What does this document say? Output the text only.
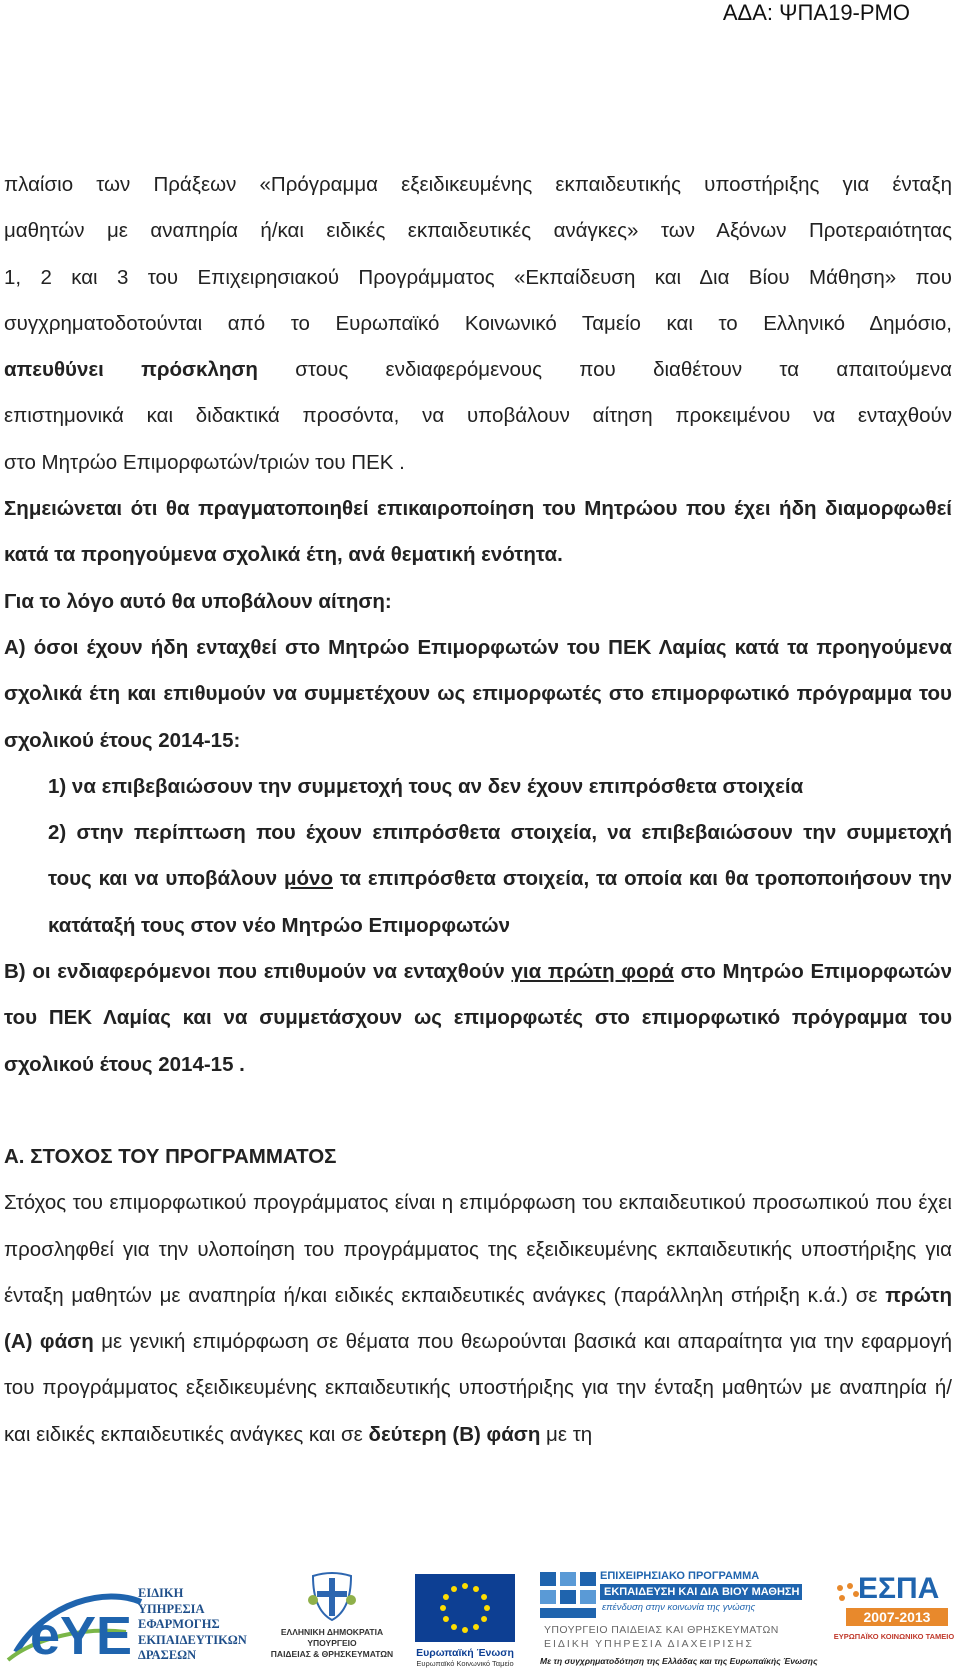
ΑΔΑ: ΨΠΑ19-ΡΜΟ

πλαίσιο των Πράξεων «Πρόγραμμα εξειδικευμένης εκπαιδευτικής υποστήριξης για ένταξη

μαθητών με αναπηρία ή/και ειδικές εκπαιδευτικές ανάγκες» των Αξόνων Προτεραιότητας

1, 2 και 3 του Επιχειρησιακού Προγράμματος «Εκπαίδευση και Δια Βίου Μάθηση» που

συγχρηματοδοτούνται από το Ευρωπαϊκό Κοινωνικό Ταμείο και το Ελληνικό Δημόσιο,

απευθύνει πρόσκληση στους ενδιαφερόμενους που διαθέτουν τα απαιτούμενα

επιστημονικά και διδακτικά προσόντα, να υποβάλουν αίτηση προκειμένου να ενταχθούν

στο Μητρώο Επιμορφωτών/τριών του ΠΕΚ .

Σημειώνεται ότι θα πραγματοποιηθεί επικαιροποίηση του Μητρώου που έχει ήδη διαμορφωθεί κατά τα προηγούμενα σχολικά έτη, ανά θεματική ενότητα.

Για το λόγο αυτό θα υποβάλουν αίτηση:

Α) όσοι έχουν ήδη ενταχθεί στο Μητρώο Επιμορφωτών του ΠΕΚ Λαμίας κατά τα προηγούμενα σχολικά έτη και επιθυμούν να συμμετέχουν ως επιμορφωτές στο επιμορφωτικό πρόγραμμα του σχολικού έτους 2014-15:

1) να επιβεβαιώσουν την συμμετοχή τους αν δεν έχουν επιπρόσθετα στοιχεία

2) στην περίπτωση που έχουν επιπρόσθετα στοιχεία, να επιβεβαιώσουν την συμμετοχή τους και να υποβάλουν μόνο τα επιπρόσθετα στοιχεία, τα οποία και θα τροποποιήσουν την κατάταξή τους στον νέο Μητρώο Επιμορφωτών

Β) οι ενδιαφερόμενοι που επιθυμούν να ενταχθούν για πρώτη φορά στο Μητρώο Επιμορφωτών του ΠΕΚ Λαμίας και να συμμετάσχουν ως επιμορφωτές στο επιμορφωτικό πρόγραμμα του σχολικού έτους 2014-15 .

Α. ΣΤΟΧΟΣ ΤΟΥ ΠΡΟΓΡΑΜΜΑΤΟΣ

Στόχος του επιμορφωτικού προγράμματος είναι η επιμόρφωση του εκπαιδευτικού προσωπικού που έχει προσληφθεί για την υλοποίηση του προγράμματος της εξειδικευμένης εκπαιδευτικής υποστήριξης για ένταξη μαθητών με αναπηρία ή/και ειδικές εκπαιδευτικές ανάγκες (παράλληλη στήριξη κ.ά.) σε πρώτη (Α) φάση με γενική επιμόρφωση σε θέματα που θεωρούνται βασικά και απαραίτητα για την εφαρμογή του προγράμματος εξειδικευμένης εκπαιδευτικής υποστήριξης για την ένταξη μαθητών με αναπηρία ή/και ειδικές εκπαιδευτικές ανάγκες και σε δεύτερη (Β) φάση με τη

eYE
ΕΙΔΙΚΗ
ΥΠΗΡΕΣΙΑ
ΕΦΑΡΜΟΓΗΣ
ΕΚΠΑΙΔΕΥΤΙΚΩΝ
ΔΡΑΣΕΩΝ
ΕΛΛΗΝΙΚΗ ΔΗΜΟΚΡΑΤΙΑ
ΥΠΟΥΡΓΕΙΟ
ΠΑΙΔΕΙΑΣ & ΘΡΗΣΚΕΥΜΑΤΩΝ	Ευρωπαϊκή Ένωση
Ευρωπαϊκό Κοινωνικό Ταμείο
ΕΠΙΧΕΙΡΗΣΙΑΚΟ ΠΡΟΓΡΑΜΜΑ
ΕΚΠΑΙΔΕΥΣΗ ΚΑΙ ΔΙΑ ΒΙΟΥ ΜΑΘΗΣΗ
επένδυση στην κοινωνία της γνώσης
ΥΠΟΥΡΓΕΙΟ ΠΑΙΔΕΙΑΣ ΚΑΙ ΘΡΗΣΚΕΥΜΑΤΩΝ
ΕΙΔΙΚΗ ΥΠΗΡΕΣΙΑ ΔΙΑΧΕΙΡΙΣΗΣ
Με τη συγχρηματοδότηση της Ελλάδας και της Ευρωπαϊκής Ένωσης
ΕΣΠΑ
2007-2013
ΕΥΡΩΠΑΪΚΟ ΚΟΙΝΩΝΙΚΟ ΤΑΜΕΙΟ
